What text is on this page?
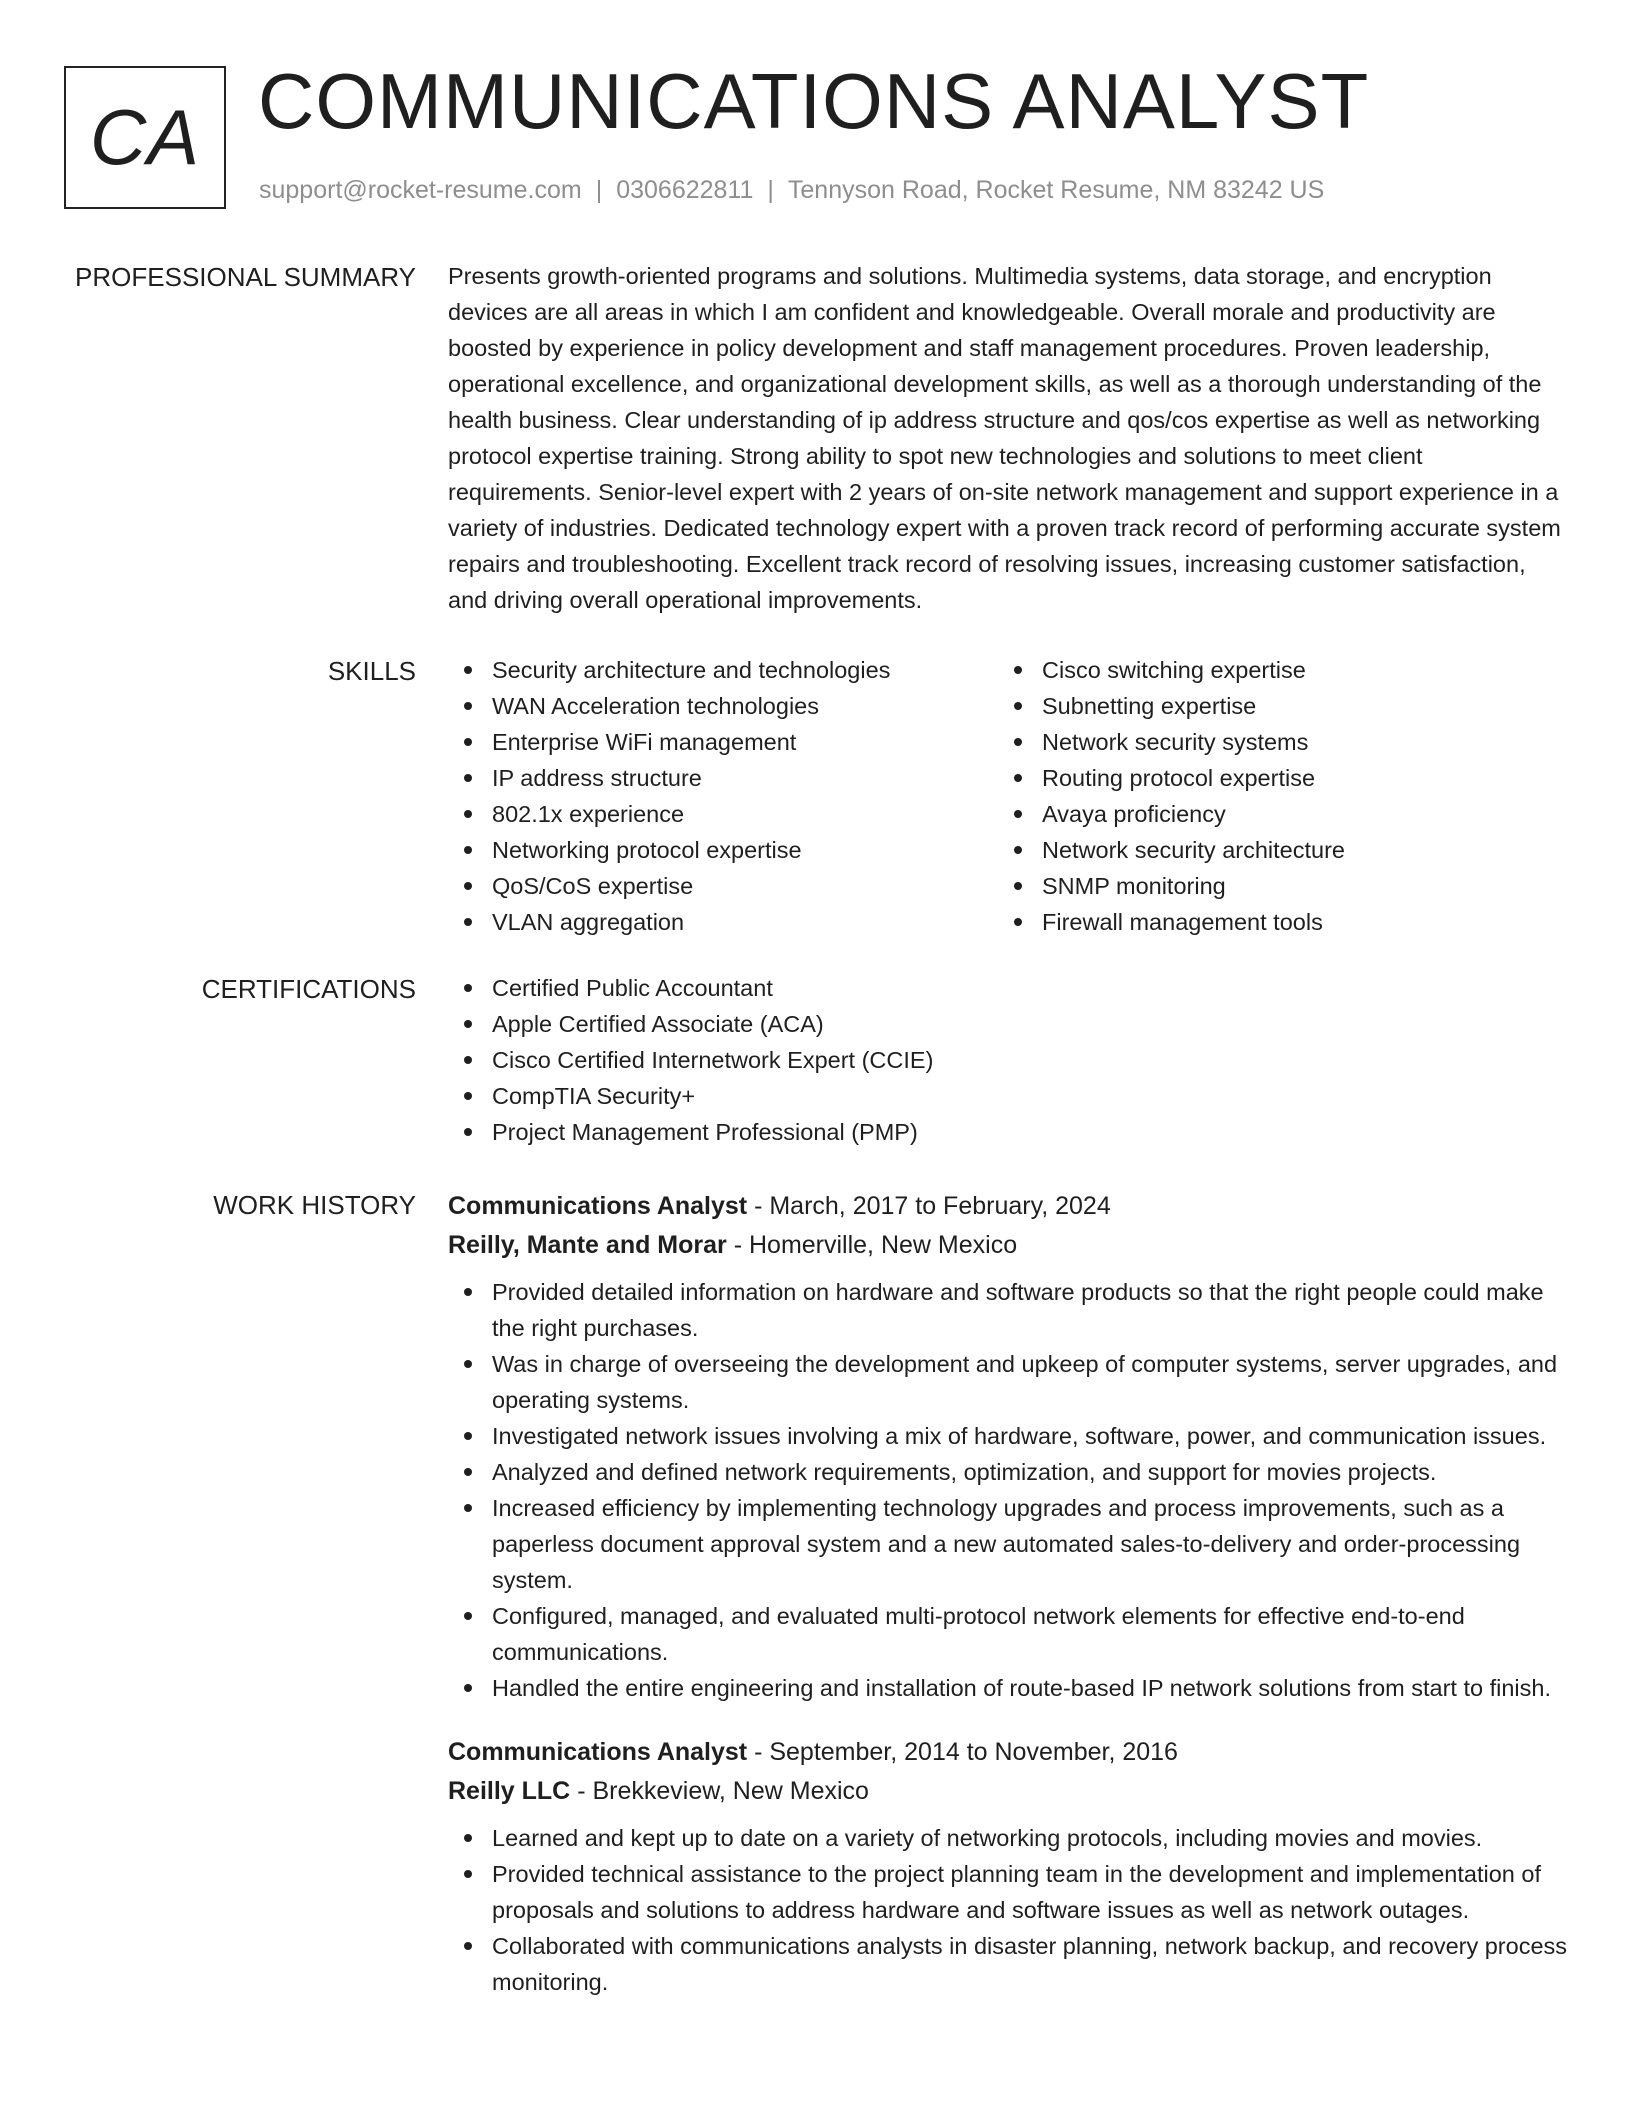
CA COMMUNICATIONS ANALYST
support@rocket-resume.com | 0306622811 | Tennyson Road, Rocket Resume, NM 83242 US
PROFESSIONAL SUMMARY Presents growth-oriented programs and solutions. Multimedia systems, data storage, and encryption devices are all areas in which I am confident and knowledgeable. Overall morale and productivity are boosted by experience in policy development and staff management procedures. Proven leadership, operational excellence, and organizational development skills, as well as a thorough understanding of the health business. Clear understanding of ip address structure and qos/cos expertise as well as networking protocol expertise training. Strong ability to spot new technologies and solutions to meet client requirements. Senior-level expert with 2 years of on-site network management and support experience in a variety of industries. Dedicated technology expert with a proven track record of performing accurate system repairs and troubleshooting. Excellent track record of resolving issues, increasing customer satisfaction, and driving overall operational improvements.

SKILLS	Security architecture and technologies
WAN Acceleration technologies
Enterprise WiFi management
IP address structure
802.1x experience
Networking protocol expertise
QoS/CoS expertise
VLAN aggregation
Cisco switching expertise
Subnetting expertise
Network security systems
Routing protocol expertise
Avaya proficiency
Network security architecture
SNMP monitoring
Firewall management tools
CERTIFICATIONS	Certified Public Accountant
Apple Certified Associate (ACA)
Cisco Certified Internetwork Expert (CCIE)
CompTIA Security+
Project Management Professional (PMP)
WORK HISTORY Communications Analyst - March, 2017 to February, 2024
Reilly, Mante and Morar - Homerville, New Mexico
Provided detailed information on hardware and software products so that the right people could make the right purchases.
Was in charge of overseeing the development and upkeep of computer systems, server upgrades, and operating systems.
Investigated network issues involving a mix of hardware, software, power, and communication issues.
Analyzed and defined network requirements, optimization, and support for movies projects.
Increased efficiency by implementing technology upgrades and process improvements, such as a paperless document approval system and a new automated sales-to-delivery and order-processing system.
Configured, managed, and evaluated multi-protocol network elements for effective end-to-end communications.
Handled the entire engineering and installation of route-based IP network solutions from start to finish.
Communications Analyst - September, 2014 to November, 2016
Reilly LLC - Brekkeview, New Mexico
Learned and kept up to date on a variety of networking protocols, including movies and movies.
Provided technical assistance to the project planning team in the development and implementation of proposals and solutions to address hardware and software issues as well as network outages.
Collaborated with communications analysts in disaster planning, network backup, and recovery process monitoring.
